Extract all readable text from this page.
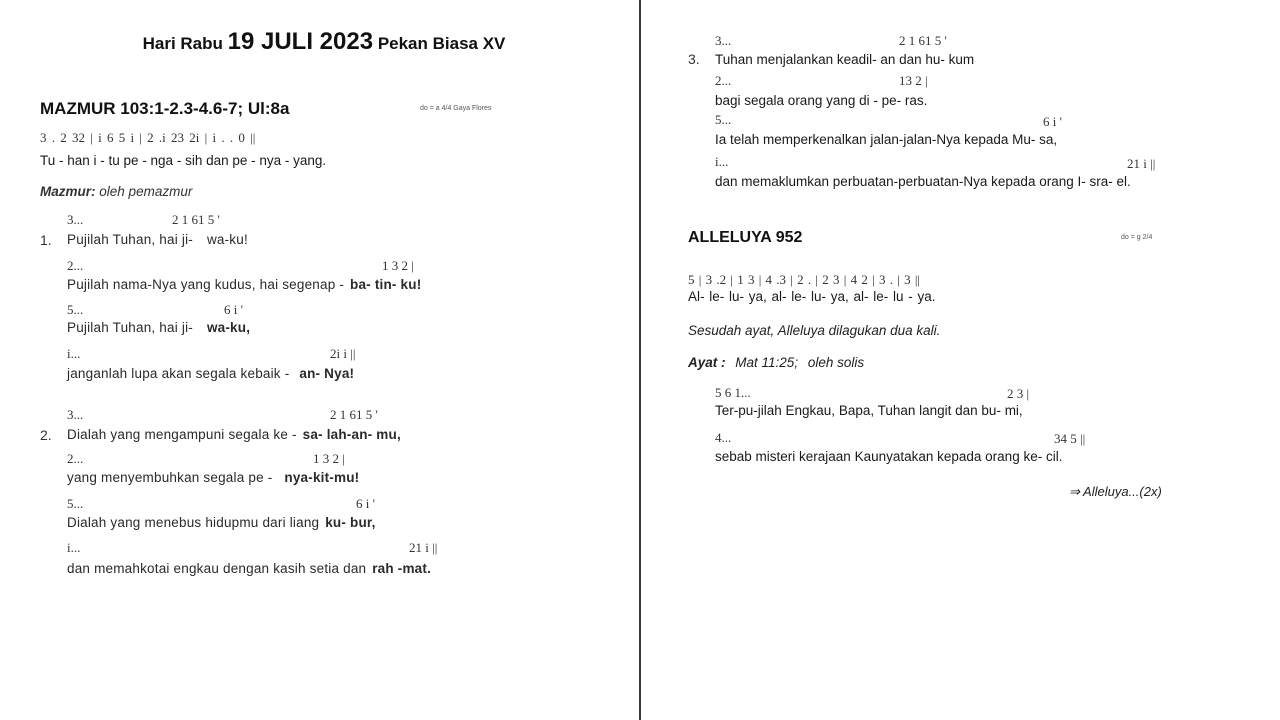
Hari Rabu 19 JULI 2023 Pekan Biasa XV
MAZMUR 103:1-2.3-4.6-7; Ul:8a	do = a 4/4 Gaya Flores
3 . 2 32 | i 6 5 i | 2 .i 23 2i | i . . 0 ||
Tu - han i - tu pe - nga - sih dan pe - nya - yang.
Mazmur: oleh pemazmur
1.
3...	2 1 61 5 '
Pujilah Tuhan, hai ji- wa-ku!
2...	1 3 2 |
Pujilah nama-Nya yang kudus, hai segenap - ba- tin- ku!
5...	6 i '
Pujilah Tuhan, hai ji- wa-ku,
i...	2i i ||
janganlah lupa akan segala kebaik - an- Nya!
2.
3...	2 1 61 5 '
Dialah yang mengampuni segala ke - sa- lah-an- mu,
2...	1 3 2 |
yang menyembuhkan segala pe - nya-kit-mu!
5...	6 i '
Dialah yang menebus hidupmu dari liang ku- bur,
i...	21 i ||
dan memahkotai engkau dengan kasih setia dan rah -mat.
3.
3...	2 1 61 5 '
Tuhan menjalankan keadil- an dan hu- kum
2...	13 2 |
bagi segala orang yang di - pe- ras.
5...	6 i '
Ia telah memperkenalkan jalan-jalan-Nya kepada Mu- sa,
i...	21 i ||
dan memaklumkan perbuatan-perbuatan-Nya kepada orang I- sra- el.
ALLELUYA 952	do = g 2/4
5 | 3 .2 | 1 3 | 4 .3 | 2 . | 2 3 | 4 2 | 3 . | 3 ||
Al- le- lu- ya, al- le- lu- ya, al- le- lu - ya.
Sesudah ayat, Alleluya dilagukan dua kali.
Ayat : Mat 11:25; oleh solis
5 6 1...	2 3 |
Ter-pu-jilah Engkau, Bapa, Tuhan langit dan bu- mi,
4...	34 5 ||
sebab misteri kerajaan Kaunyatakan kepada orang ke- cil.
⇒ Alleluya...(2x)
